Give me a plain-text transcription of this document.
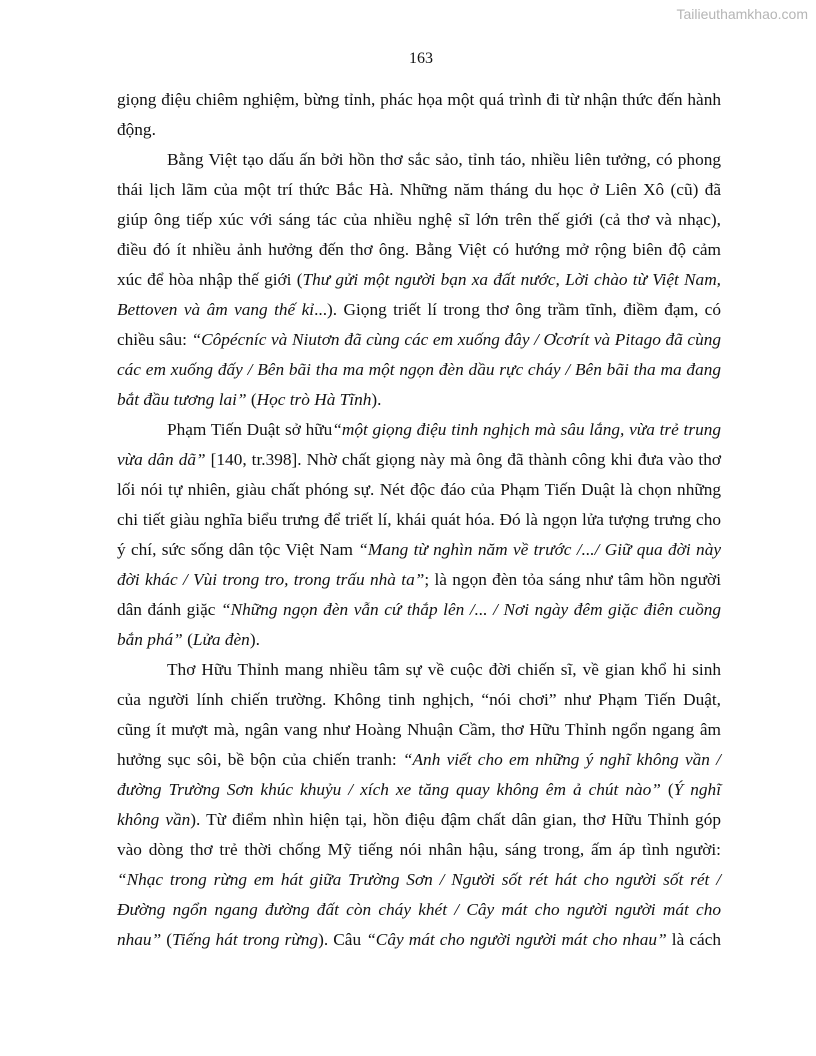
Tailieuthamkhao.com
163
giọng điệu chiêm nghiệm, bừng tỉnh, phác họa một quá trình đi từ nhận thức đến hành
động.
Bằng Việt tạo dấu ấn bởi hồn thơ sắc sảo, tỉnh táo, nhiều liên tưởng, có phong
thái lịch lãm của một trí thức Bắc Hà. Những năm tháng du học ở Liên Xô (cũ) đã
giúp ông tiếp xúc với sáng tác của nhiều nghệ sĩ lớn trên thế giới (cả thơ và nhạc),
điều đó ít nhiều ảnh hưởng đến thơ ông. Bằng Việt có hướng mở rộng biên độ cảm
xúc để hòa nhập thế giới (Thư gửi một người bạn xa đất nước, Lời chào từ Việt Nam,
Bettoven và âm vang thế kỉ...). Giọng triết lí trong thơ ông trầm tĩnh, điềm đạm, có
chiều sâu: “Côpécníc và Niutơn đã cùng các em xuống đây / Ơcơrít và Pitago đã cùng
các em xuống đấy / Bên bãi tha ma một ngọn đèn dầu rực cháy / Bên bãi tha ma đang
bắt đầu tương lai” (Học trò Hà Tĩnh).
Phạm Tiến Duật sở hữu“một giọng điệu tinh nghịch mà sâu lắng, vừa trẻ trung
vừa dân dã” [140, tr.398]. Nhờ chất giọng này mà ông đã thành công khi đưa vào thơ
lối nói tự nhiên, giàu chất phóng sự. Nét độc đáo của Phạm Tiến Duật là chọn những
chi tiết giàu nghĩa biểu trưng để triết lí, khái quát hóa. Đó là ngọn lửa tượng trưng cho
ý chí, sức sống dân tộc Việt Nam “Mang từ nghìn năm về trước /.../ Giữ qua đời này
đời khác / Vùi trong tro, trong trấu nhà ta”; là ngọn đèn tỏa sáng như tâm hồn người
dân đánh giặc “Những ngọn đèn vẫn cứ thắp lên /... / Nơi ngày đêm giặc điên cuồng
bắn phá” (Lửa đèn).
Thơ Hữu Thỉnh mang nhiều tâm sự về cuộc đời chiến sĩ, về gian khổ hi sinh
của người lính chiến trường. Không tinh nghịch, “nói chơi” như Phạm Tiến Duật,
cũng ít mượt mà, ngân vang như Hoàng Nhuận Cầm, thơ Hữu Thỉnh ngổn ngang âm
hưởng sục sôi, bề bộn của chiến tranh: “Anh viết cho em những ý nghĩ không vần /
đường Trường Sơn khúc khuỷu / xích xe tăng quay không êm ả chút nào” (Ý nghĩ
không vần). Từ điểm nhìn hiện tại, hồn điệu đậm chất dân gian, thơ Hữu Thỉnh góp
vào dòng thơ trẻ thời chống Mỹ tiếng nói nhân hậu, sáng trong, ấm áp tình người:
“Nhạc trong rừng em hát giữa Trường Sơn / Người sốt rét hát cho người sốt rét /
Đường ngổn ngang đường đất còn cháy khét / Cây mát cho người người mát cho
nhau” (Tiếng hát trong rừng). Câu “Cây mát cho người người mát cho nhau” là cách
